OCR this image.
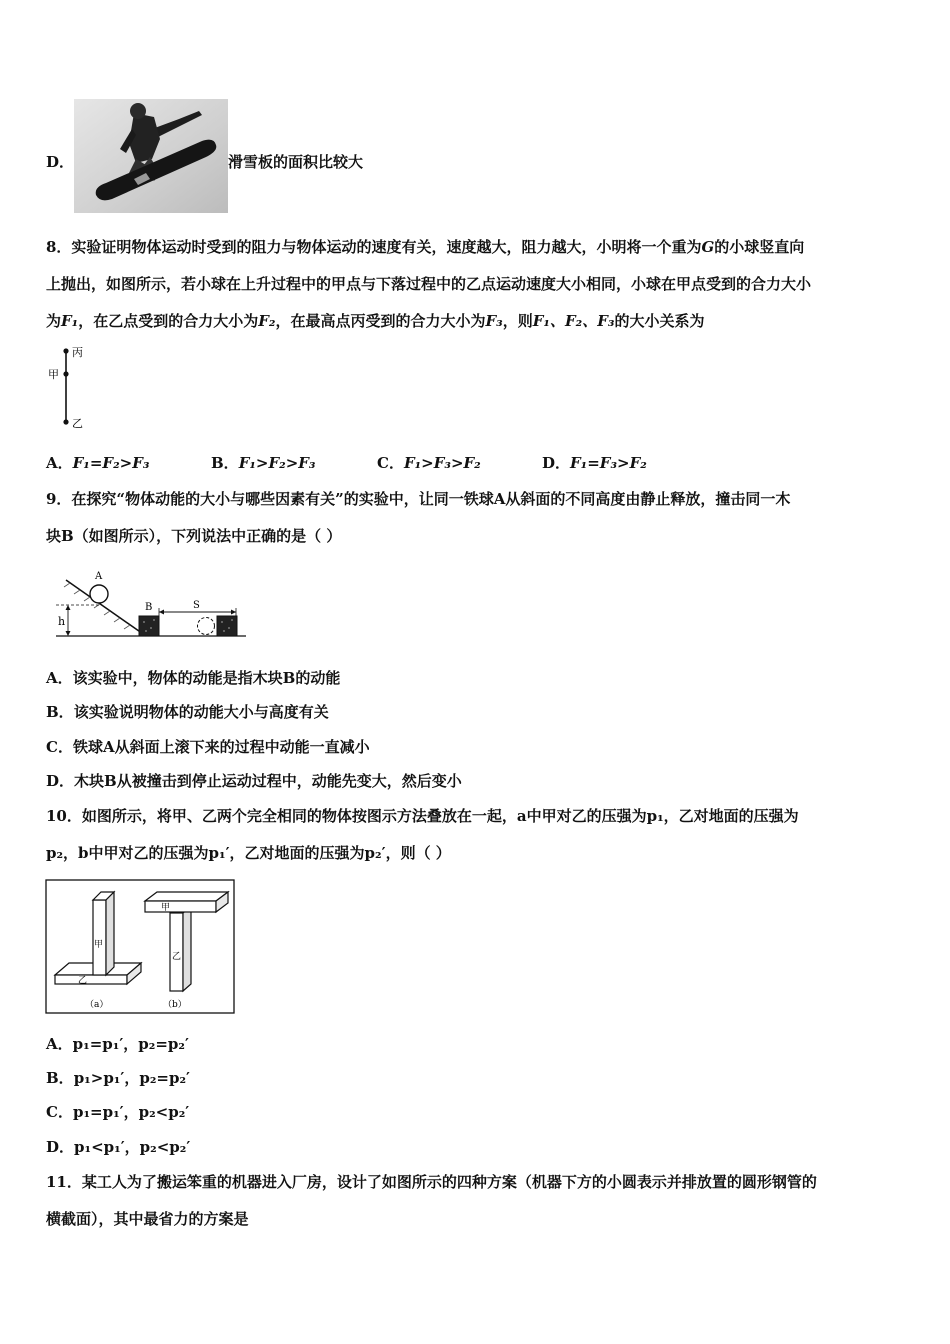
D．	滑雪板的面积比较大
8．实验证明物体运动时受到的阻力与物体运动的速度有关，速度越大，阻力越大，小明将一个重为G的小球竖直向
上抛出，如图所示，若小球在上升过程中的甲点与下落过程中的乙点运动速度大小相同，小球在甲点受到的合力大小
为F₁，在乙点受到的合力大小为F₂，在最高点丙受到的合力大小为F₃，则F₁、F₂、F₃的大小关系为
丙
甲
乙
A．F₁=F₂>F₃	B．F₁>F₂>F₃	C．F₁>F₃>F₂	D．F₁=F₃>F₂
9．在探究“物体动能的大小与哪些因素有关”的实验中，让同一铁球A从斜面的不同高度由静止释放，撞击同一木
块B（如图所示），下列说法中正确的是（ ）
A
h
B	S
A．该实验中，物体的动能是指木块B的动能
B．该实验说明物体的动能大小与高度有关
C．铁球A从斜面上滚下来的过程中动能一直减小
D．木块B从被撞击到停止运动过程中，动能先变大，然后变小
10．如图所示，将甲、乙两个完全相同的物体按图示方法叠放在一起，a中甲对乙的压强为p₁，乙对地面的压强为
p₂，b中甲对乙的压强为p₁′，乙对地面的压强为p₂′，则（ ）
甲
乙
（a）
甲
乙
（b）
A．p₁=p₁′，p₂=p₂′
B．p₁>p₁′，p₂=p₂′
C．p₁=p₁′，p₂<p₂′
D．p₁<p₁′，p₂<p₂′
11．某工人为了搬运笨重的机器进入厂房，设计了如图所示的四种方案（机器下方的小圆表示并排放置的圆形钢管的
横截面），其中最省力的方案是
